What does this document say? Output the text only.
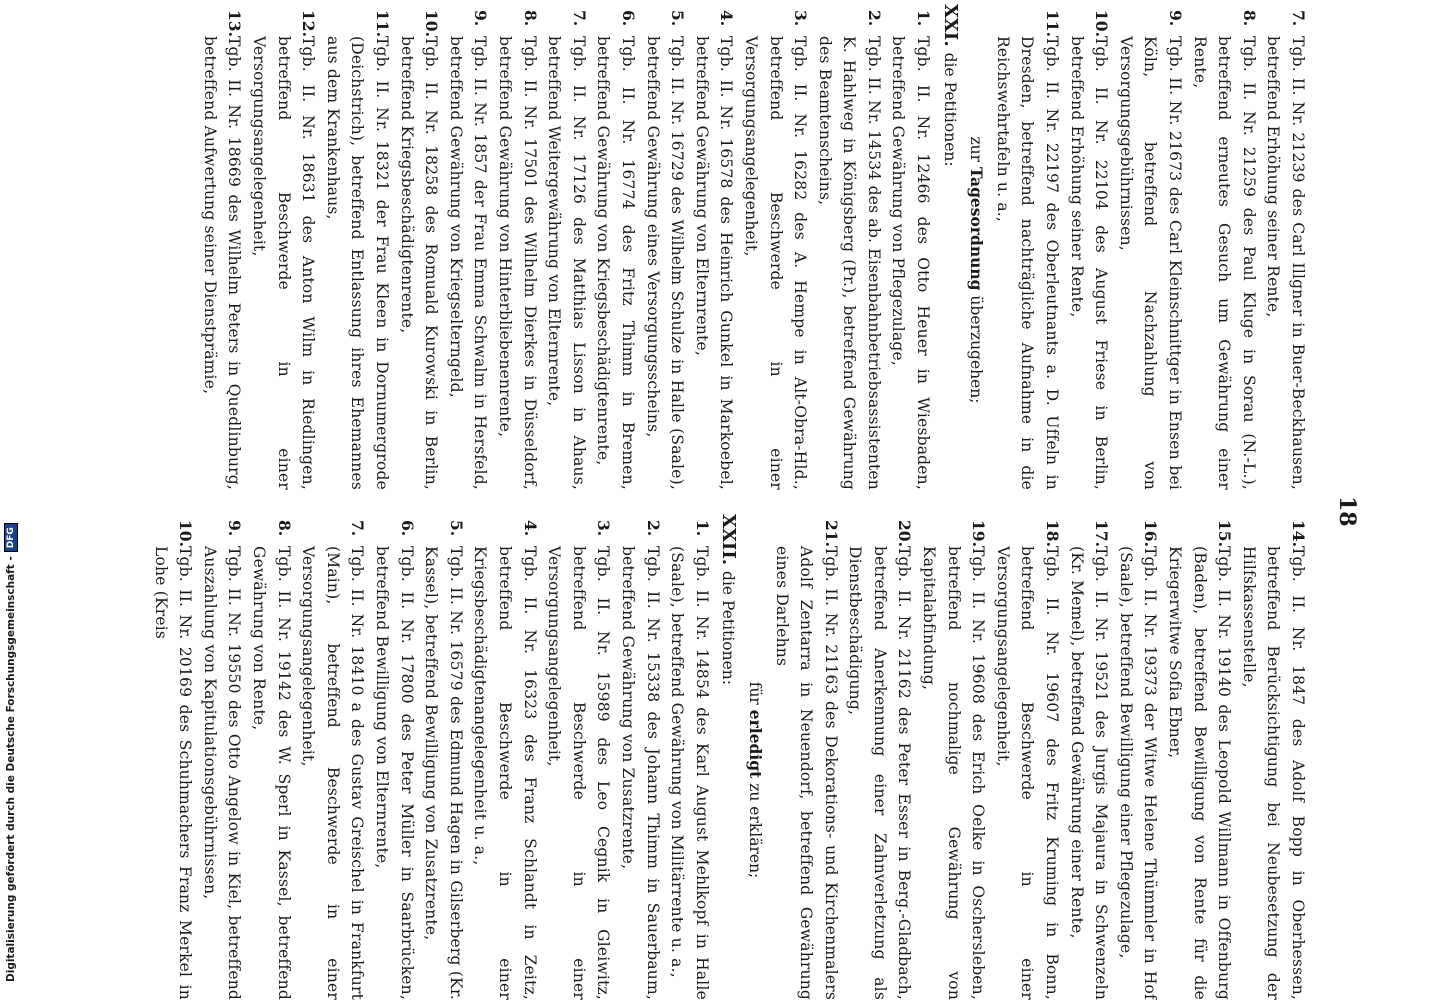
18
7.
Tgb. II. Nr. 21239 des Carl Illgner in Buer-Beckhausen, betreffend Erhöhung seiner Rente,
8.
Tgb. II. Nr. 21259 des Paul Kluge in Sorau (N.-L.), betreffend erneutes Gesuch um Gewährung einer Rente,
9.
Tgb. II. Nr. 21673 des Carl Kleinschnittger in Ensen bei Köln, betreffend Nachzahlung von Versorgungsgebührnissen,
10.
Tgb. II. Nr. 22104 des August Friese in Berlin, betreffend Erhöhung seiner Rente,
11.
Tgb. II. Nr. 22197 des Oberleutnants a. D. Uffeln in Dresden, betreffend nachträgliche Aufnahme in die Reichswehrtafeln u. a.,
zur Tagesordnung überzugehen;
XXI.die Petitionen:
1.
Tgb. II. Nr. 12466 des Otto Heuer in Wiesbaden, betreffend Gewährung von Pflegezulage,
2.
Tgb. II. Nr. 14534 des ab. Eisenbahnbetriebsassistenten K. Hahlweg in Königsberg (Pr.), betreffend Gewährung des Beamtenscheins,
3.
Tgb. II. Nr. 16282 des A. Hempe in Alt-Obra-Hld., betreffend Beschwerde in einer Versorgungsangelegenheit,
4.
Tgb. II. Nr. 16578 des Heinrich Gunkel in Markoebel, betreffend Gewährung von Elternrente,
5.
Tgb. II. Nr. 16729 des Wilhelm Schulze in Halle (Saale), betreffend Gewährung eines Versorgungsscheins,
6.
Tgb. II. Nr. 16774 des Fritz Thimm in Bremen, betreffend Gewährung von Kriegsbeschädigtenrente,
7.
Tgb. II. Nr. 17126 des Matthias Lisson in Ahaus, betreffend Weitergewährung von Elternrente,
8.
Tgb. II. Nr. 17501 des Wilhelm Dierkes in Düsseldorf, betreffend Gewährung von Hinterbliebenenrente,
9.
Tgb. II. Nr. 1857 der Frau Emma Schwalm in Hersfeld, betreffend Gewährung von Kriegselterngeld,
10.
Tgb. II. Nr. 18258 des Romuald Kurowski in Berlin, betreffend Kriegsbeschädigtenrente,
11.
Tgb. II. Nr. 18321 der Frau Kleen in Dornumergrode (Deichstrich), betreffend Entlassung ihres Ehemannes aus dem Krankenhaus,
12.
Tgb. II. Nr. 18631 des Anton Wilm in Riedlingen, betreffend Beschwerde in einer Versorgungsangelegenheit,
13.
Tgb. II. Nr. 18669 des Wilhelm Peters in Quedlinburg, betreffend Aufwertung seiner Dienstprämie,
14.
Tgb. II. Nr. 1847 des Adolf Bopp in Oberhessen, betreffend Berücksichtigung bei Neubesetzung der Hilfskassenstelle,
15.
Tgb. II. Nr. 19140 des Leopold Willmann in Offenburg (Baden), betreffend Bewilligung von Rente für die Kriegerwitwe Sofia Ebner,
16.
Tgb. II. Nr. 19373 der Witwe Helene Thümmler in Hof (Saale), betreffend Bewilligung einer Pflegezulage,
17.
Tgb. II. Nr. 19521 des Jurgis Majaura in Schwenzeln (Kr. Memel), betreffend Gewährung einer Rente,
18.
Tgb. II. Nr. 19607 des Fritz Kruming in Bonn, betreffend Beschwerde in einer Versorgungsangelegenheit,
19.
Tgb. II. Nr. 19608 des Erich Oelke in Oschersleben, betreffend nochmalige Gewährung von Kapitalabfindung,
20.
Tgb. II. Nr. 21162 des Peter Esser in Berg.-Gladbach, betreffend Anerkennung einer Zahnverletzung als Dienstbeschädigung,
21.
Tgb. II. Nr. 21163 des Dekorations- und Kirchenmalers Adolf Zentarra in Neuendorf, betreffend Gewährung eines Darlehns
für erledigt zu erklären;
XXII.die Petitionen:
1.
Tgb. II. Nr. 14854 des Karl August Mehlkopf in Halle (Saale), betreffend Gewährung von Militärrente u. a.,
2.
Tgb. II. Nr. 15338 des Johann Thimm in Sauerbaum, betreffend Gewährung von Zusatzrente,
3.
Tgb. II. Nr. 15989 des Leo Cegnik in Gleiwitz, betreffend Beschwerde in einer Versorgungsangelegenheit,
4.
Tgb. II. Nr. 16323 des Franz Schlandt in Zeitz, betreffend Beschwerde in einer Kriegsbeschädigtenangelegenheit u. a.,
5.
Tgb. II. Nr. 16579 des Edmund Hagen in Gilserberg (Kr. Kassel), betreffend Bewilligung von Zusatzrente,
6.
Tgb. II. Nr. 17800 des Peter Müller in Saarbrücken, betreffend Bewilligung von Elternrente,
7.
Tgb. II. Nr. 18410 a des Gustav Greischel in Frankfurt (Main), betreffend Beschwerde in einer Versorgungsangelegenheit,
8.
Tgb. II. Nr. 19142 des W. Sperl in Kassel, betreffend Gewährung von Rente,
9.
Tgb. II. Nr. 19550 des Otto Angelow in Kiel, betreffend Auszahlung von Kapitulationsgebührnissen,
10.
Tgb. II. Nr. 20169 des Schuhmachers Franz Merkel in Lohe (Kreis
Digitalisierung gefördert durch die Deutsche Forschungsgemeinschaft -
DFG
